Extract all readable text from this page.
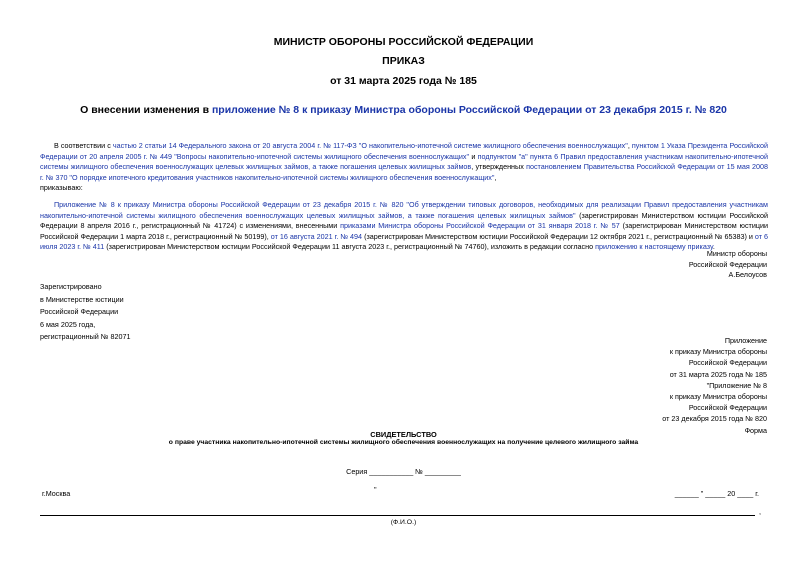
МИНИСТР ОБОРОНЫ РОССИЙСКОЙ ФЕДЕРАЦИИ
ПРИКАЗ
от 31 марта 2025 года № 185
О внесении изменения в приложение № 8 к приказу Министра обороны Российской Федерации от 23 декабря 2015 г. № 820
В соответствии с частью 2 статьи 14 Федерального закона от 20 августа 2004 г. № 117-ФЗ "О накопительно-ипотечной системе жилищного обеспечения военнослужащих", пунктом 1 Указа Президента Российской Федерации от 20 апреля 2005 г. № 449 "Вопросы накопительно-ипотечной системы жилищного обеспечения военнослужащих" и подпунктом "а" пункта 6 Правил предоставления участникам накопительно-ипотечной системы жилищного обеспечения военнослужащих целевых жилищных займов, а также погашения целевых жилищных займов, утвержденных постановлением Правительства Российской Федерации от 15 мая 2008 г. № 370 "О порядке ипотечного кредитования участников накопительно-ипотечной системы жилищного обеспечения военнослужащих",
приказываю:
Приложение № 8 к приказу Министра обороны Российской Федерации от 23 декабря 2015 г. № 820 "Об утверждении типовых договоров, необходимых для реализации Правил предоставления участникам накопительно-ипотечной системы жилищного обеспечения военнослужащих целевых жилищных займов, а также погашения целевых жилищных займов" (зарегистрирован Министерством юстиции Российской Федерации 8 апреля 2016 г., регистрационный № 41724) с изменениями, внесенными приказами Министра обороны Российской Федерации от 31 января 2018 г. № 57 (зарегистрирован Министерством юстиции Российской Федерации 1 марта 2018 г., регистрационный № 50199), от 16 августа 2021 г. № 494 (зарегистрирован Министерством юстиции Российской Федерации 12 октября 2021 г., регистрационный № 65383) и от 6 июля 2023 г. № 411 (зарегистрирован Министерством юстиции Российской Федерации 11 августа 2023 г., регистрационный № 74760), изложить в редакции согласно приложению к настоящему приказу.
Министр обороны
Российской Федерации
А.Белоусов
Зарегистрировано
в Министерстве юстиции
Российской Федерации
6 мая 2025 года,
регистрационный № 82071	Приложение
к приказу Министра обороны
Российской Федерации
от 31 марта 2025 года № 185
"Приложение № 8
к приказу Министра обороны
Российской Федерации
от 23 декабря 2015 года № 820
Форма
СВИДЕТЕЛЬСТВО
о праве участника накопительно-ипотечной системы жилищного обеспечения военнослужащих на получение целевого жилищного займа
Серия ___________ № _________
г.Москва	"	______ " _____ 20 ____ г.
,
(Ф.И.О.)
